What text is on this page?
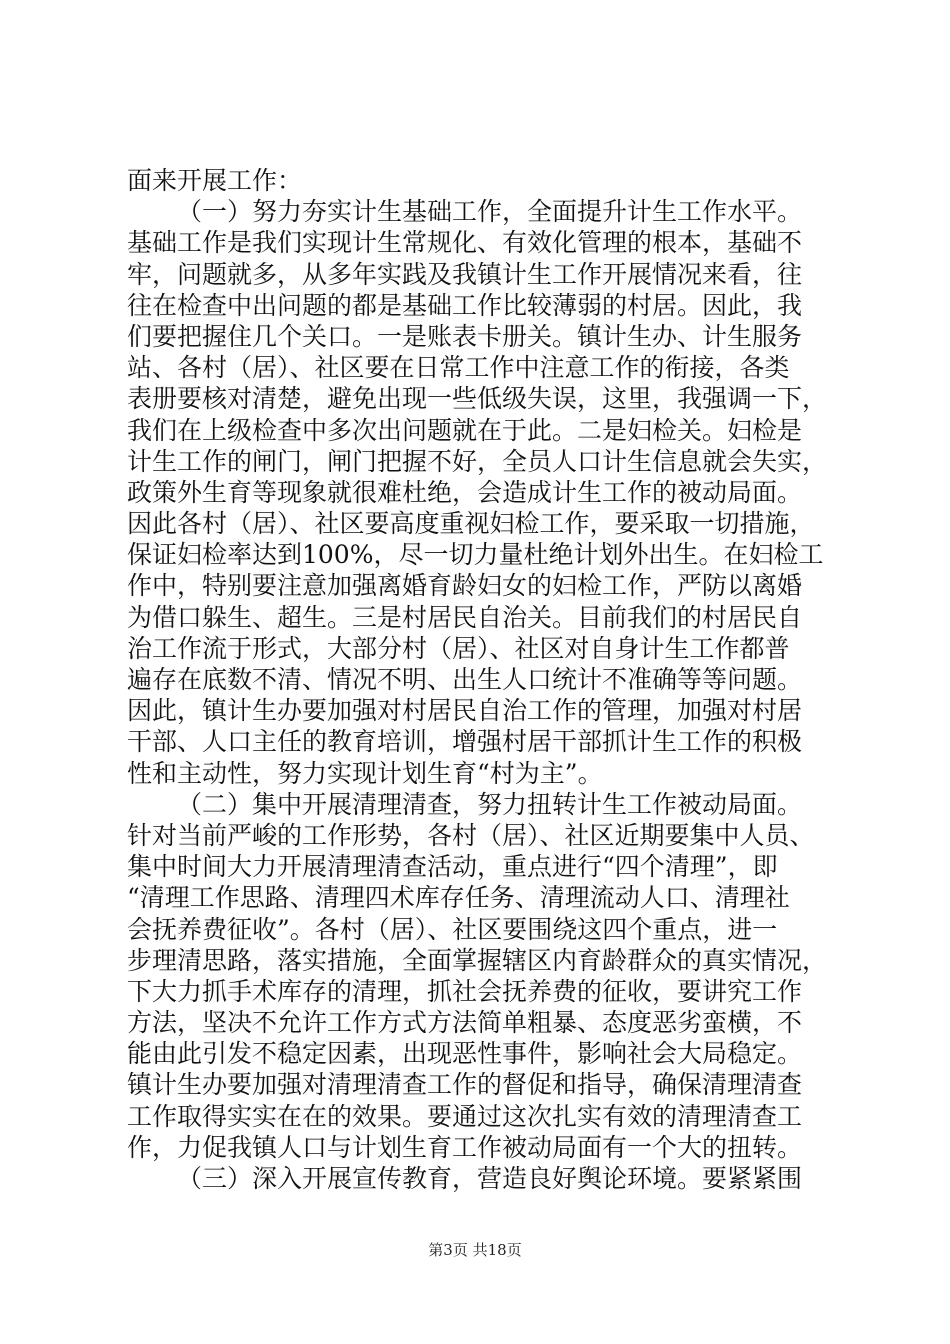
面来开展工作：
（一）努力夯实计生基础工作，全面提升计生工作水平。
基础工作是我们实现计生常规化、有效化管理的根本，基础不
牢，问题就多，从多年实践及我镇计生工作开展情况来看，往
往在检查中出问题的都是基础工作比较薄弱的村居。因此，我
们要把握住几个关口。一是账表卡册关。镇计生办、计生服务
站、各村（居）、社区要在日常工作中注意工作的衔接，各类
表册要核对清楚，避免出现一些低级失误，这里，我强调一下，
我们在上级检查中多次出问题就在于此。二是妇检关。妇检是
计生工作的闸门，闸门把握不好，全员人口计生信息就会失实，
政策外生育等现象就很难杜绝，会造成计生工作的被动局面。
因此各村（居）、社区要高度重视妇检工作，要采取一切措施，
保证妇检率达到100%，尽一切力量杜绝计划外出生。在妇检工
作中，特别要注意加强离婚育龄妇女的妇检工作，严防以离婚
为借口躲生、超生。三是村居民自治关。目前我们的村居民自
治工作流于形式，大部分村（居）、社区对自身计生工作都普
遍存在底数不清、情况不明、出生人口统计不准确等等问题。
因此，镇计生办要加强对村居民自治工作的管理，加强对村居
干部、人口主任的教育培训，增强村居干部抓计生工作的积极
性和主动性，努力实现计划生育“村为主”。
（二）集中开展清理清查，努力扭转计生工作被动局面。
针对当前严峻的工作形势，各村（居）、社区近期要集中人员、
集中时间大力开展清理清查活动，重点进行“四个清理”，即
“清理工作思路、清理四术库存任务、清理流动人口、清理社
会抚养费征收”。各村（居）、社区要围绕这四个重点，进一
步理清思路，落实措施，全面掌握辖区内育龄群众的真实情况，
下大力抓手术库存的清理，抓社会抚养费的征收，要讲究工作
方法，坚决不允许工作方式方法简单粗暴、态度恶劣蛮横，不
能由此引发不稳定因素，出现恶性事件，影响社会大局稳定。
镇计生办要加强对清理清查工作的督促和指导，确保清理清查
工作取得实实在在的效果。要通过这次扎实有效的清理清查工
作，力促我镇人口与计划生育工作被动局面有一个大的扭转。
（三）深入开展宣传教育，营造良好舆论环境。要紧紧围
第3页 共18页
